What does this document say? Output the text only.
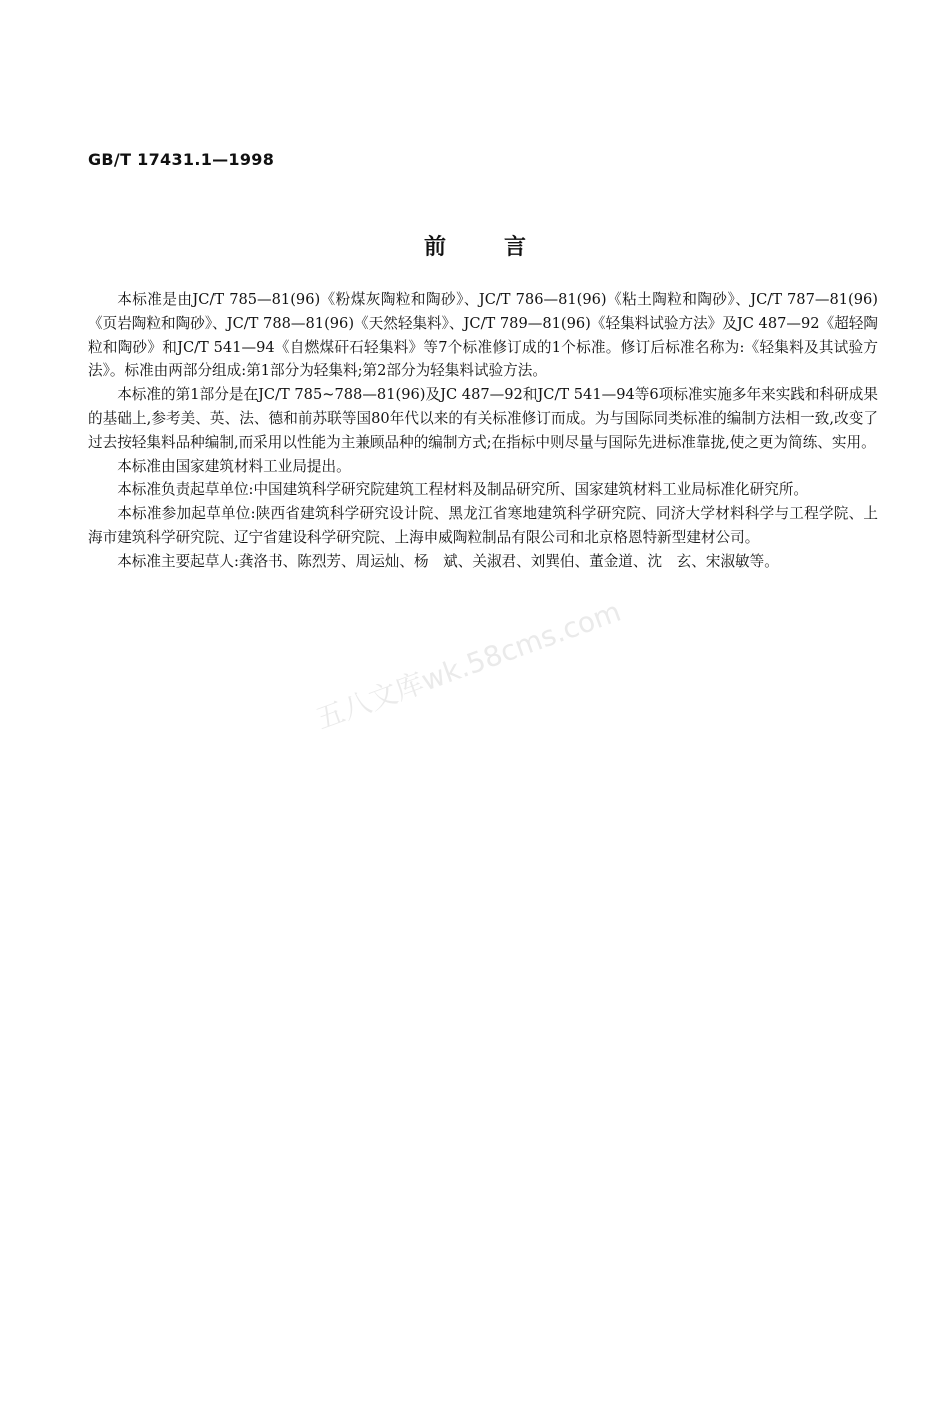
GB/T 17431.1—1998
前言

本标准是由JC/T 785—81(96)《粉煤灰陶粒和陶砂》、JC/T 786—81(96)《粘土陶粒和陶砂》、JC/T 787—81(96)《页岩陶粒和陶砂》、JC/T 788—81(96)《天然轻集料》、JC/T 789—81(96)《轻集料试验方法》及JC 487—92《超轻陶粒和陶砂》和JC/T 541—94《自燃煤矸石轻集料》等7个标准修订成的1个标准。修订后标准名称为:《轻集料及其试验方法》。标准由两部分组成:第1部分为轻集料;第2部分为轻集料试验方法。

本标准的第1部分是在JC/T 785~788—81(96)及JC 487—92和JC/T 541—94等6项标准实施多年来实践和科研成果的基础上,参考美、英、法、德和前苏联等国80年代以来的有关标准修订而成。为与国际同类标准的编制方法相一致,改变了过去按轻集料品种编制,而采用以性能为主兼顾品种的编制方式;在指标中则尽量与国际先进标准靠拢,使之更为简练、实用。

本标准由国家建筑材料工业局提出。

本标准负责起草单位:中国建筑科学研究院建筑工程材料及制品研究所、国家建筑材料工业局标准化研究所。

本标准参加起草单位:陕西省建筑科学研究设计院、黑龙江省寒地建筑科学研究院、同济大学材料科学与工程学院、上海市建筑科学研究院、辽宁省建设科学研究院、上海申威陶粒制品有限公司和北京格恩特新型建材公司。

本标准主要起草人:龚洛书、陈烈芳、周运灿、杨　斌、关淑君、刘巽伯、董金道、沈　玄、宋淑敏等。

五八文库wk.58cms.com
